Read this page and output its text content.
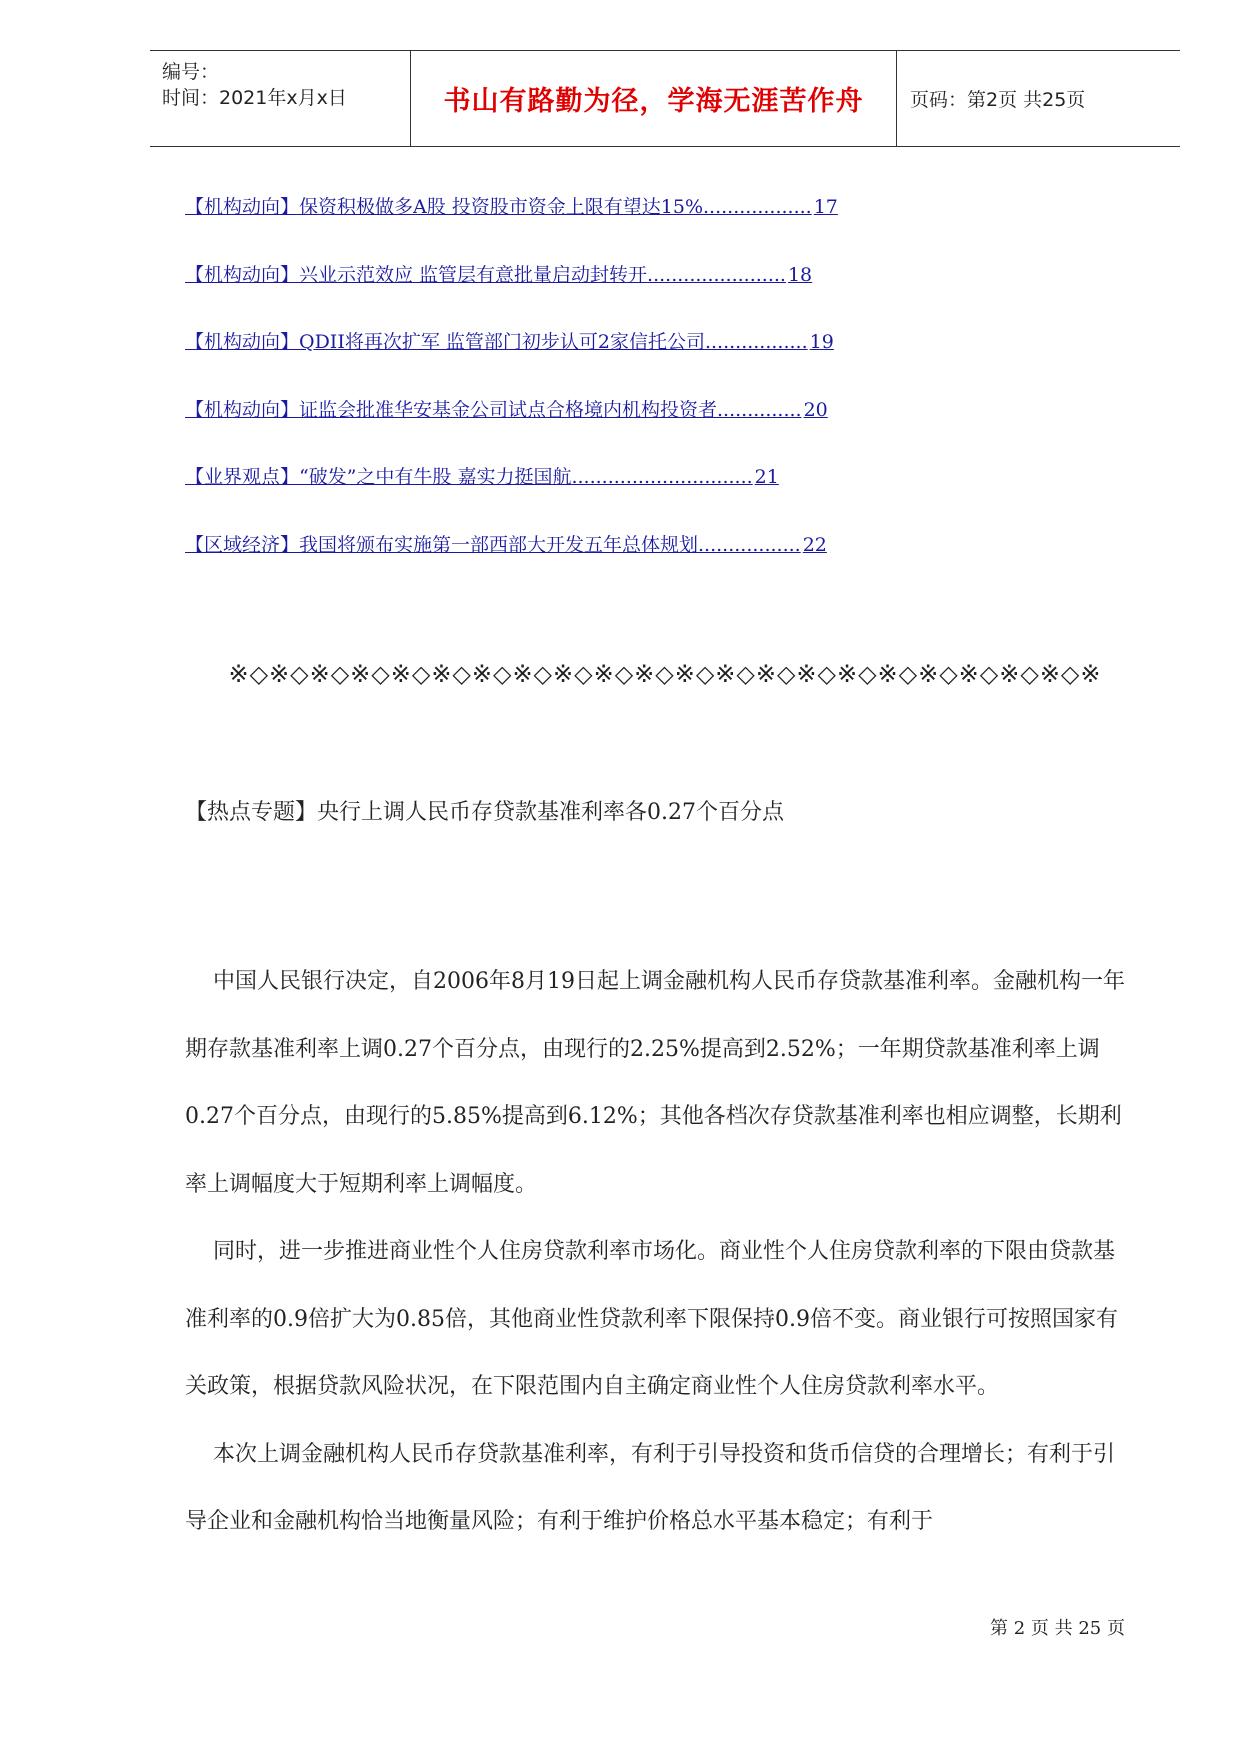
编号：
时间：2021年x月x日	书山有路勤为径，学海无涯苦作舟 页码：第2页 共25页
【机构动向】保资积极做多A股 投资股市资金上限有望达15%.................. 17
【机构动向】兴业示范效应 监管层有意批量启动封转开....................... 18
【机构动向】QDII将再次扩军 监管部门初步认可2家信托公司................. 19
【机构动向】证监会批准华安基金公司试点合格境内机构投资者.............. 20
【业界观点】“破发”之中有牛股 嘉实力挺国航.............................. 21
【区域经济】我国将颁布实施第一部西部大开发五年总体规划................. 22
※◇※◇※◇※◇※◇※◇※◇※◇※◇※◇※◇※◇※◇※◇※◇※◇※◇※◇※◇※◇※◇※
【热点专题】央行上调人民币存贷款基准利率各0.27个百分点

中国人民银行决定，自2006年8月19日起上调金融机构人民币存贷款基准利率。金融机构一年期存款基准利率上调0.27个百分点，由现行的2.25%提高到2.52%；一年期贷款基准利率上调0.27个百分点，由现行的5.85%提高到6.12%；其他各档次存贷款基准利率也相应调整，长期利率上调幅度大于短期利率上调幅度。

同时，进一步推进商业性个人住房贷款利率市场化。商业性个人住房贷款利率的下限由贷款基准利率的0.9倍扩大为0.85倍，其他商业性贷款利率下限保持0.9倍不变。商业银行可按照国家有关政策，根据贷款风险状况，在下限范围内自主确定商业性个人住房贷款利率水平。

本次上调金融机构人民币存贷款基准利率，有利于引导投资和货币信贷的合理增长；有利于引导企业和金融机构恰当地衡量风险；有利于维护价格总水平基本稳定；有利于

第 2 页 共 25 页
